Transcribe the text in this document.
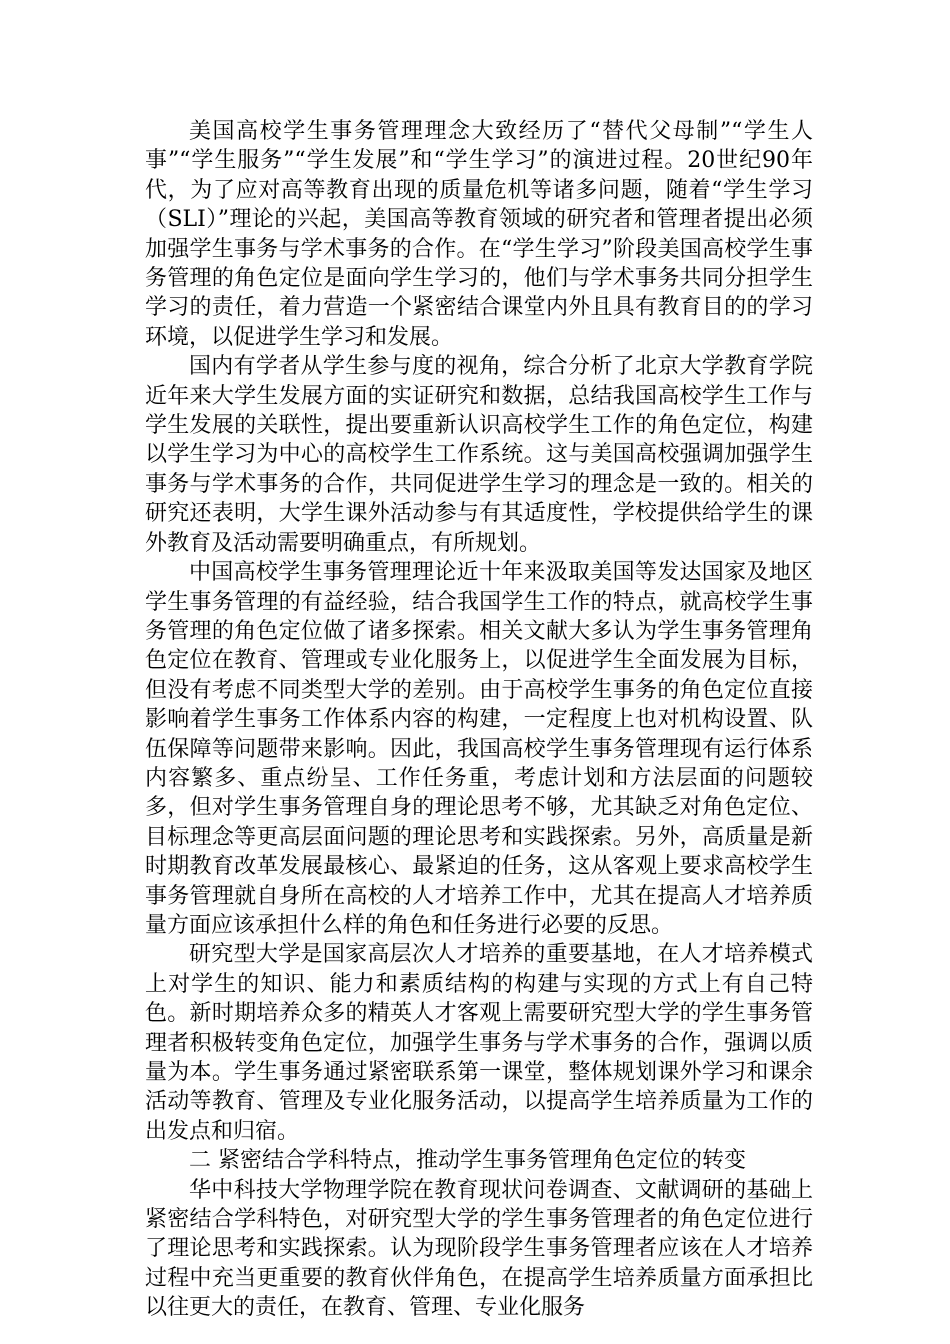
美国高校学生事务管理理念大致经历了“替代父母制”“学生人事”“学生服务”“学生发展”和“学生学习”的演进过程。20世纪90年代，为了应对高等教育出现的质量危机等诸多问题，随着“学生学习（SLI）”理论的兴起，美国高等教育领域的研究者和管理者提出必须加强学生事务与学术事务的合作。在“学生学习”阶段美国高校学生事务管理的角色定位是面向学生学习的，他们与学术事务共同分担学生学习的责任，着力营造一个紧密结合课堂内外且具有教育目的的学习环境，以促进学生学习和发展。

国内有学者从学生参与度的视角，综合分析了北京大学教育学院近年来大学生发展方面的实证研究和数据，总结我国高校学生工作与学生发展的关联性，提出要重新认识高校学生工作的角色定位，构建以学生学习为中心的高校学生工作系统。这与美国高校强调加强学生事务与学术事务的合作，共同促进学生学习的理念是一致的。相关的研究还表明，大学生课外活动参与有其适度性，学校提供给学生的课外教育及活动需要明确重点，有所规划。

中国高校学生事务管理理论近十年来汲取美国等发达国家及地区学生事务管理的有益经验，结合我国学生工作的特点，就高校学生事务管理的角色定位做了诸多探索。相关文献大多认为学生事务管理角色定位在教育、管理或专业化服务上，以促进学生全面发展为目标，但没有考虑不同类型大学的差别。由于高校学生事务的角色定位直接影响着学生事务工作体系内容的构建，一定程度上也对机构设置、队伍保障等问题带来影响。因此，我国高校学生事务管理现有运行体系内容繁多、重点纷呈、工作任务重，考虑计划和方法层面的问题较多，但对学生事务管理自身的理论思考不够，尤其缺乏对角色定位、目标理念等更高层面问题的理论思考和实践探索。另外，高质量是新时期教育改革发展最核心、最紧迫的任务，这从客观上要求高校学生事务管理就自身所在高校的人才培养工作中，尤其在提高人才培养质量方面应该承担什么样的角色和任务进行必要的反思。

研究型大学是国家高层次人才培养的重要基地，在人才培养模式上对学生的知识、能力和素质结构的构建与实现的方式上有自己特色。新时期培养众多的精英人才客观上需要研究型大学的学生事务管理者积极转变角色定位，加强学生事务与学术事务的合作，强调以质量为本。学生事务通过紧密联系第一课堂，整体规划课外学习和课余活动等教育、管理及专业化服务活动，以提高学生培养质量为工作的出发点和归宿。

二 紧密结合学科特点，推动学生事务管理角色定位的转变

华中科技大学物理学院在教育现状问卷调查、文献调研的基础上紧密结合学科特色，对研究型大学的学生事务管理者的角色定位进行了理论思考和实践探索。认为现阶段学生事务管理者应该在人才培养过程中充当更重要的教育伙伴角色，在提高学生培养质量方面承担比以往更大的责任，在教育、管理、专业化服务
